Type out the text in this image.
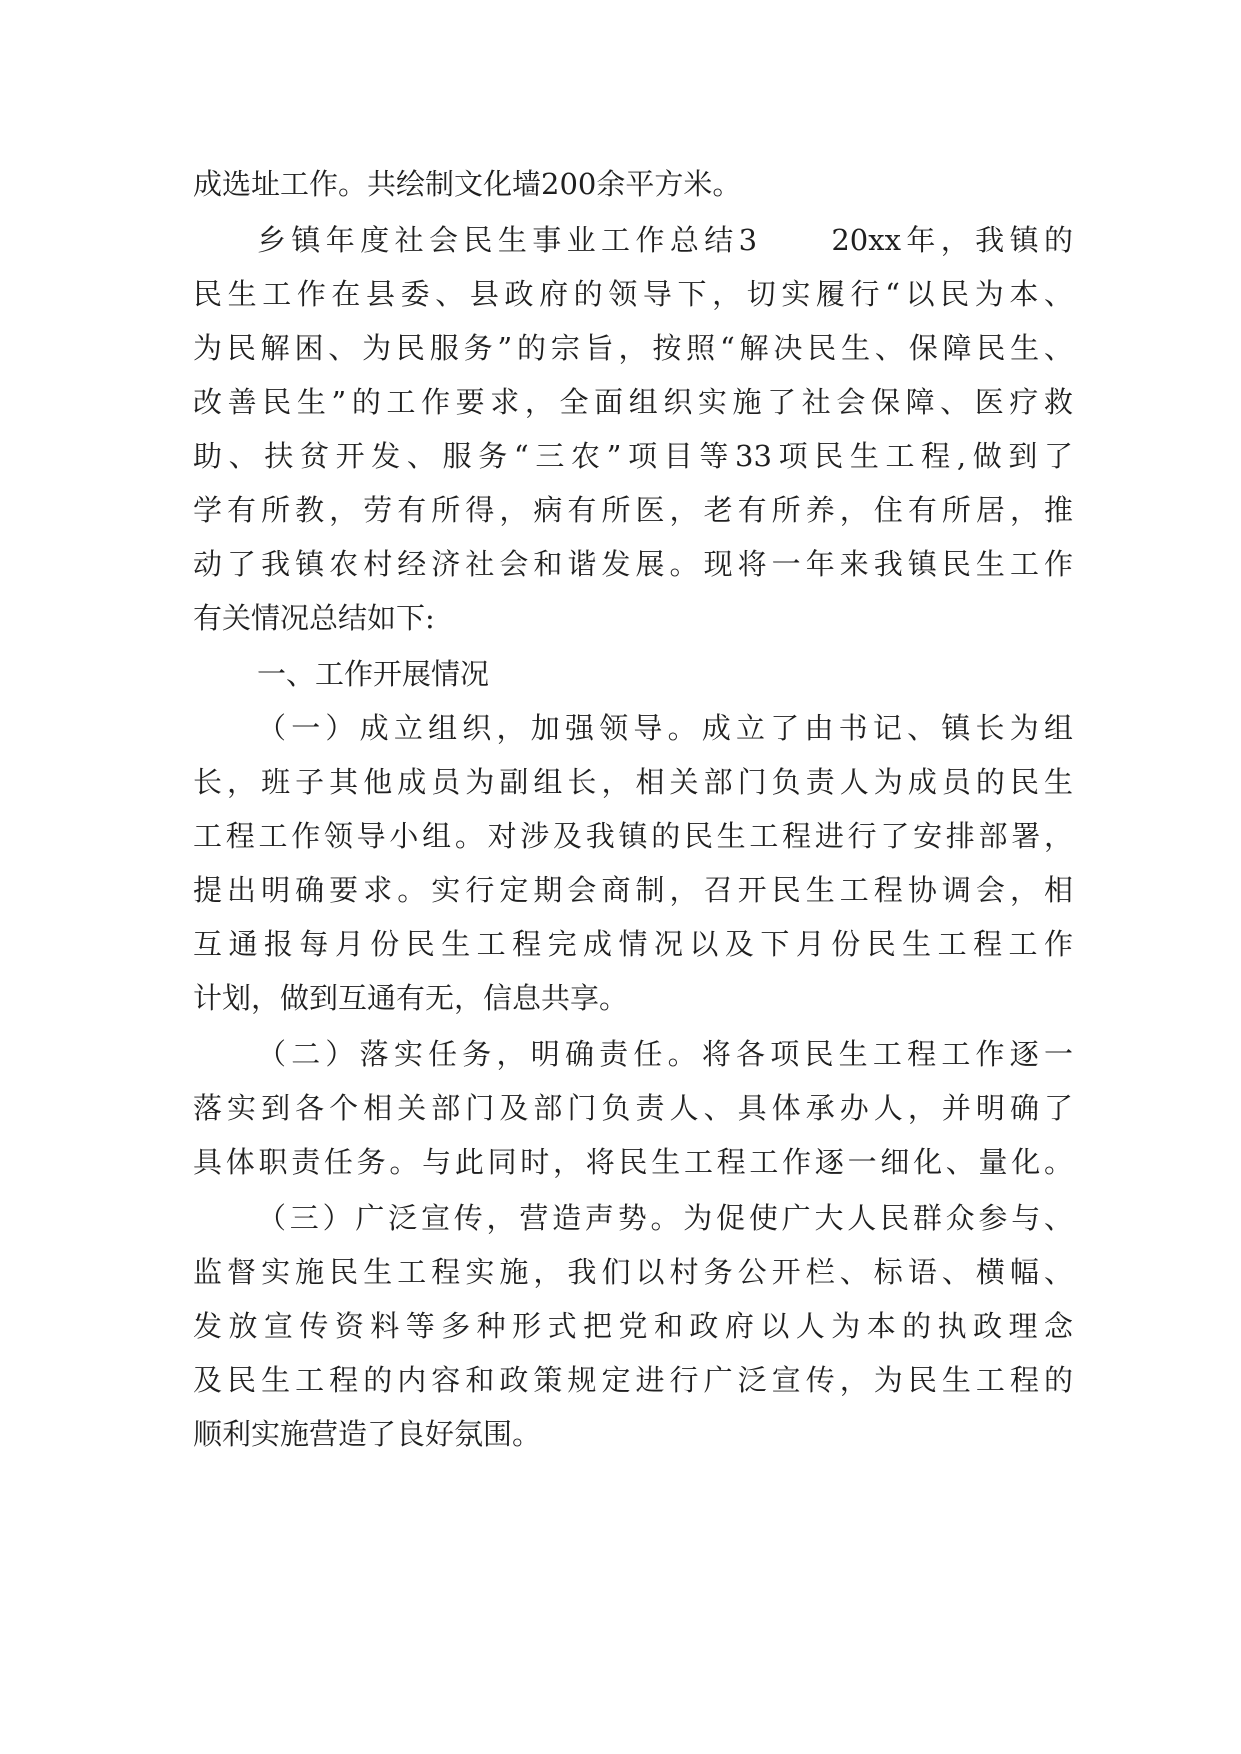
成选址工作。共绘制文化墙200余平方米。
乡镇年度社会民生事业工作总结3　　20xx年，我镇的
民生工作在县委、县政府的领导下，切实履行“以民为本、
为民解困、为民服务”的宗旨，按照“解决民生、保障民生、
改善民生”的工作要求，全面组织实施了社会保障、医疗救
助、扶贫开发、服务“三农”项目等33项民生工程,做到了
学有所教，劳有所得，病有所医，老有所养，住有所居，推
动了我镇农村经济社会和谐发展。现将一年来我镇民生工作
有关情况总结如下:
一、工作开展情况
（一）成立组织，加强领导。成立了由书记、镇长为组
长，班子其他成员为副组长，相关部门负责人为成员的民生
工程工作领导小组。对涉及我镇的民生工程进行了安排部署，
提出明确要求。实行定期会商制，召开民生工程协调会，相
互通报每月份民生工程完成情况以及下月份民生工程工作
计划，做到互通有无，信息共享。
（二）落实任务，明确责任。将各项民生工程工作逐一
落实到各个相关部门及部门负责人、具体承办人，并明确了
具体职责任务。与此同时，将民生工程工作逐一细化、量化。
（三）广泛宣传，营造声势。为促使广大人民群众参与、
监督实施民生工程实施，我们以村务公开栏、标语、横幅、
发放宣传资料等多种形式把党和政府以人为本的执政理念
及民生工程的内容和政策规定进行广泛宣传，为民生工程的
顺利实施营造了良好氛围。
